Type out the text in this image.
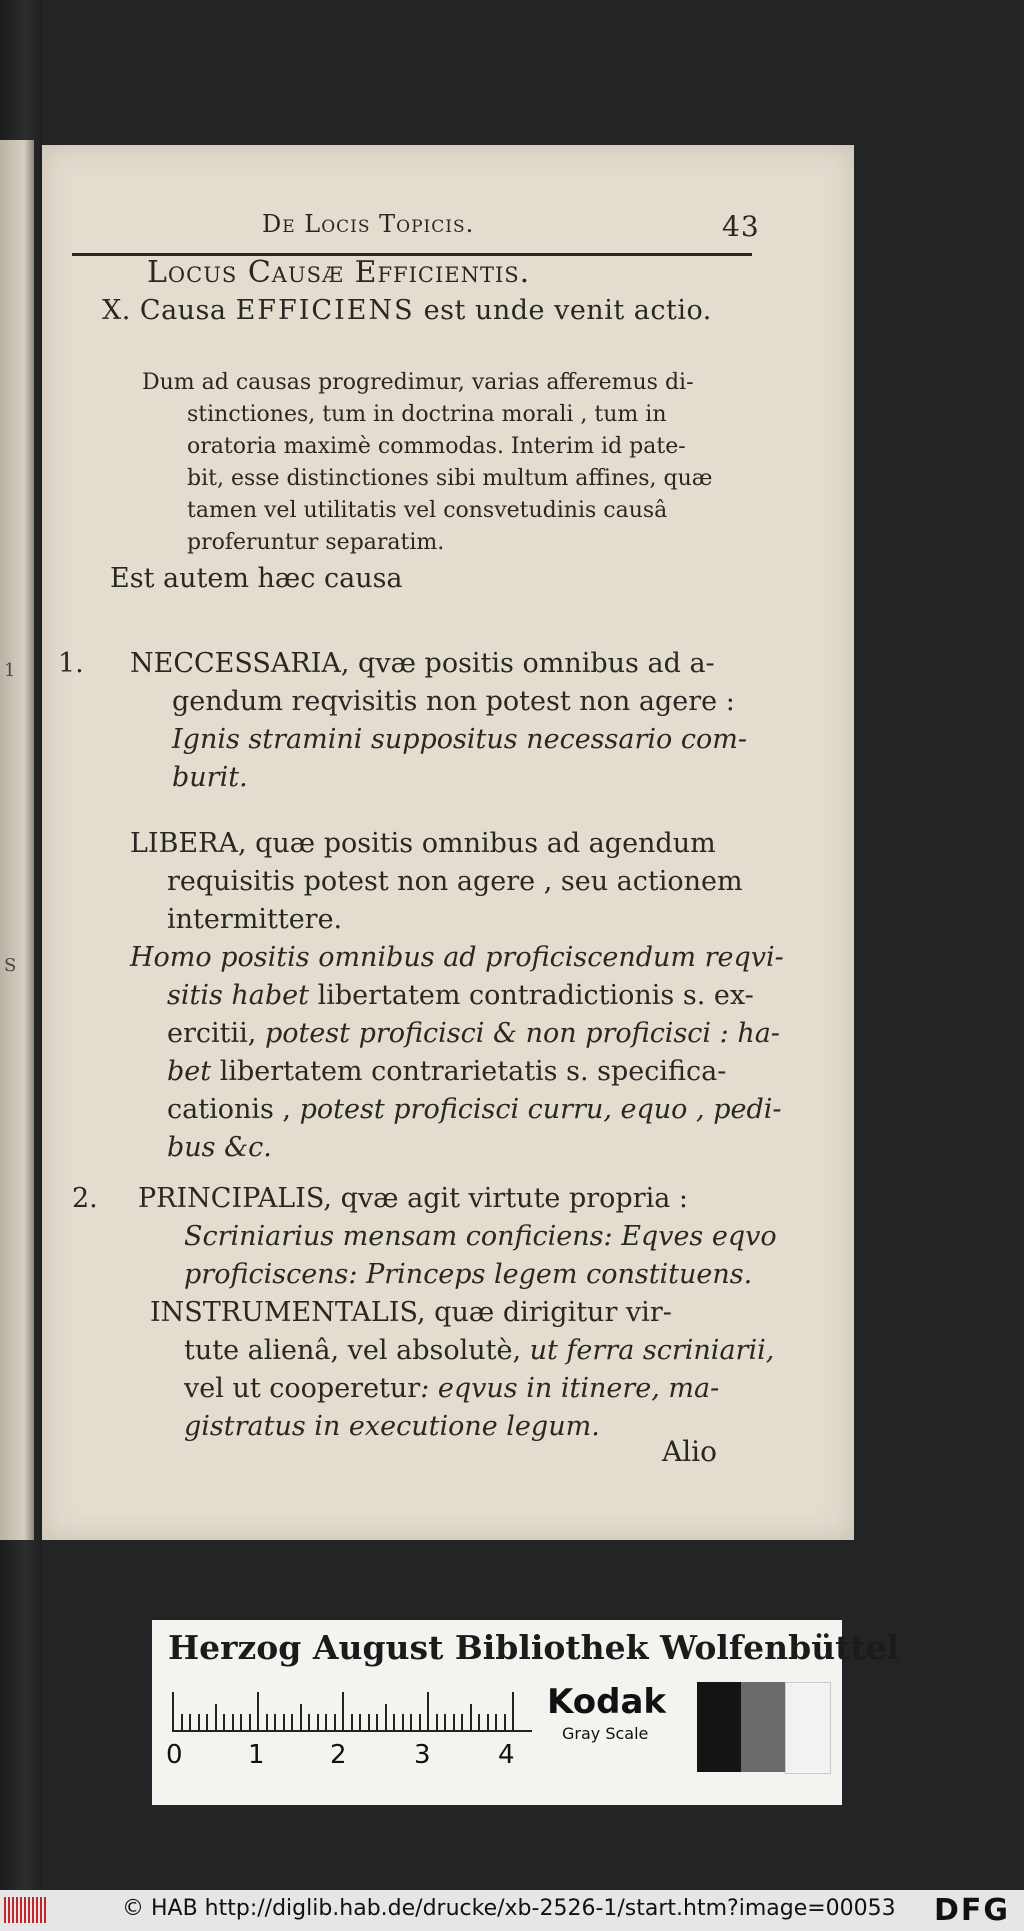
1
S
De Locis Topicis.	43
Locus Causæ Efficientis.
X. Causa EFFICIENS est unde venit actio.
Dum ad causas progredimur, varias afferemus di-
stinctiones, tum in doctrina morali , tum in
oratoria maximè commodas. Interim id pate-
bit, esse distinctiones sibi multum affines, quæ
tamen vel utilitatis vel consvetudinis causâ
proferuntur separatim.
Est autem hæc causa
1. NECCESSARIA, qvæ positis omnibus ad a-
gendum reqvisitis non potest non agere :
Ignis stramini suppositus necessario com-
burit.
LIBERA, quæ positis omnibus ad agendum
requisitis potest non agere , seu actionem
intermittere.
Homo positis omnibus ad proficiscendum reqvi-
sitis habet libertatem contradictionis s. ex-
ercitii, potest proficisci & non proficisci : ha-
bet libertatem contrarietatis s. specifica-
cationis , potest proficisci curru, equo , pedi-
bus &c.
2. PRINCIPALIS, qvæ agit virtute propria :
Scriniarius mensam conficiens: Eqves eqvo
proficiscens: Princeps legem constituens.
INSTRUMENTALIS, quæ dirigitur vir-
tute alienâ, vel absolutè, ut ferra scriniarii,
vel ut cooperetur: eqvus in itinere, ma-
gistratus in executione legum.
Alio
Herzog August Bibliothek Wolfenbüttel
0	1	2	3	4
Kodak
Gray Scale
© HAB http://diglib.hab.de/drucke/xb-2526-1/start.htm?image=00053 DFG
